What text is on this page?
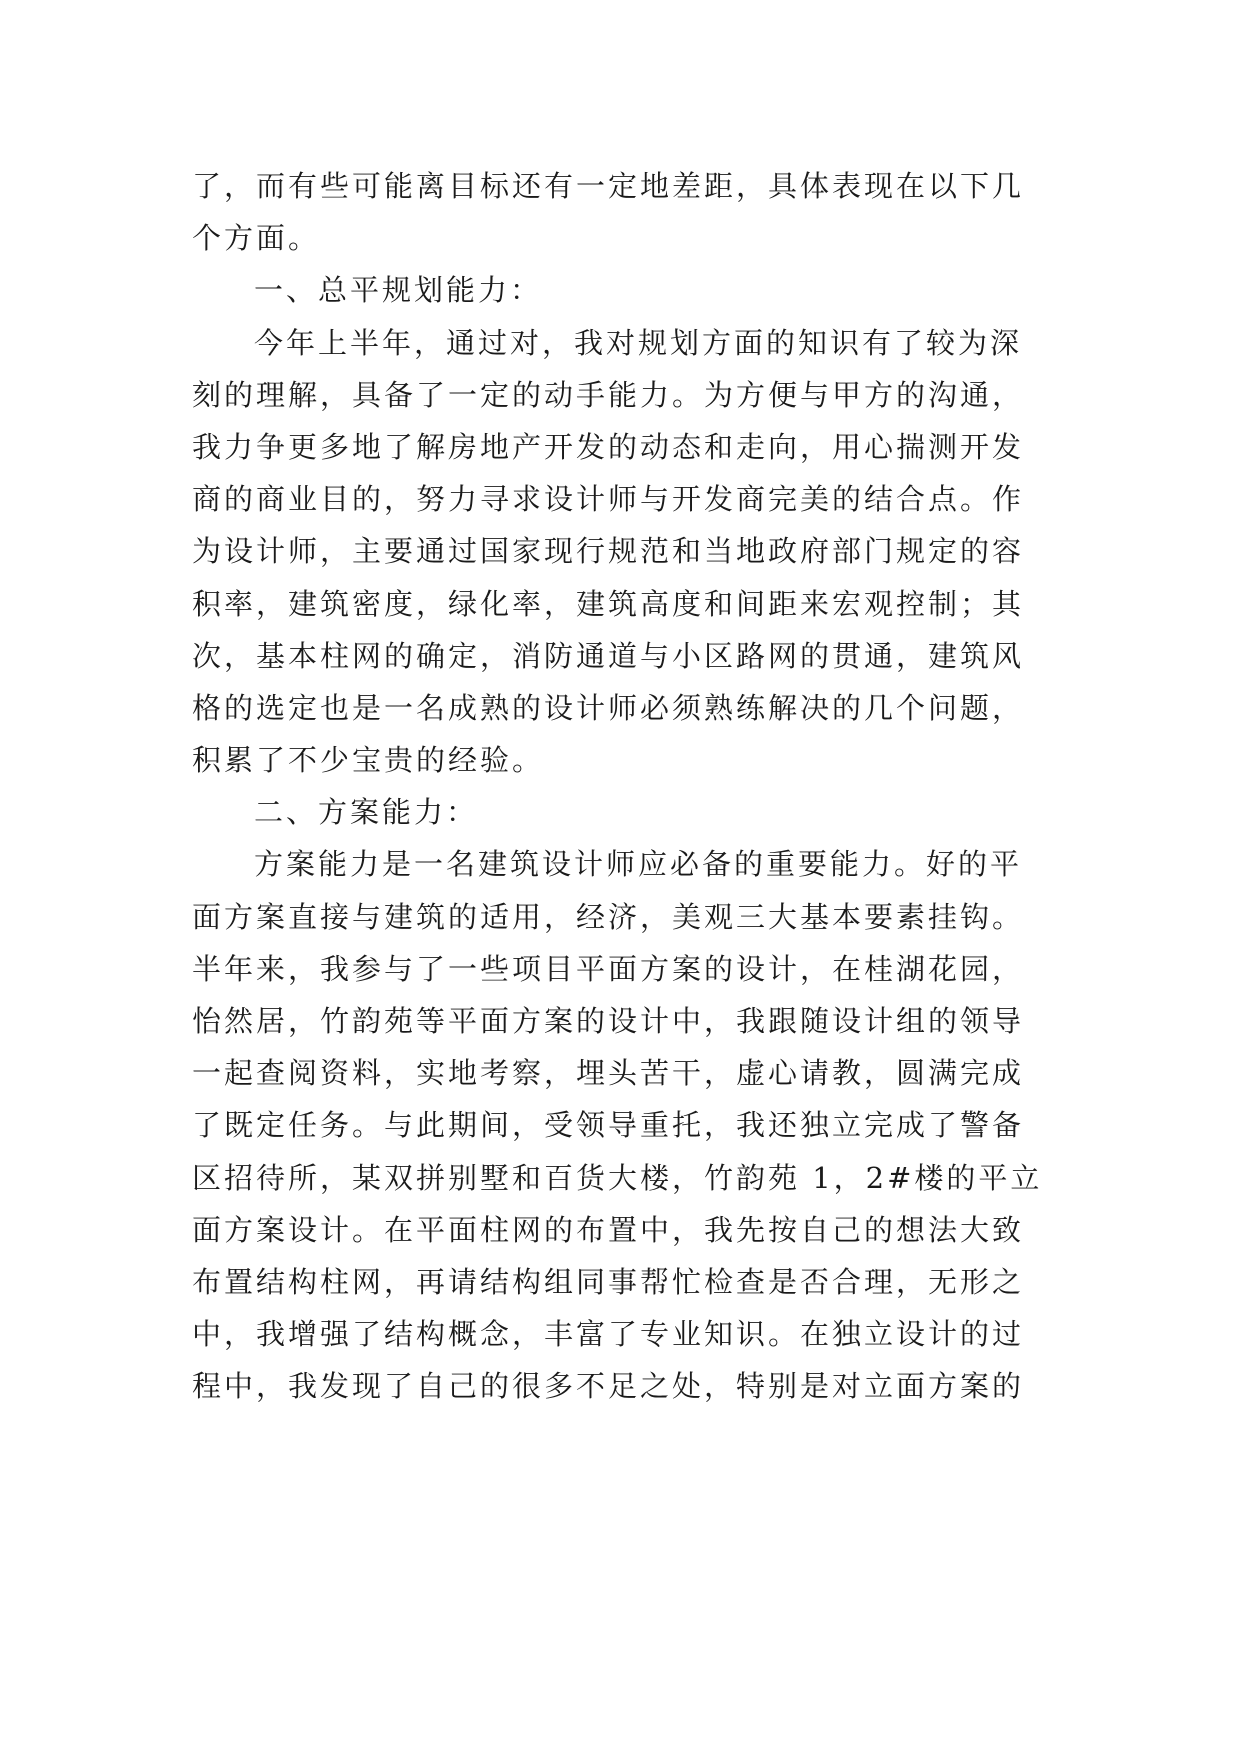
了，而有些可能离目标还有一定地差距，具体表现在以下几
个方面。
一、总平规划能力：
今年上半年，通过对，我对规划方面的知识有了较为深
刻的理解，具备了一定的动手能力。为方便与甲方的沟通，
我力争更多地了解房地产开发的动态和走向，用心揣测开发
商的商业目的，努力寻求设计师与开发商完美的结合点。作
为设计师，主要通过国家现行规范和当地政府部门规定的容
积率，建筑密度，绿化率，建筑高度和间距来宏观控制；其
次，基本柱网的确定，消防通道与小区路网的贯通，建筑风
格的选定也是一名成熟的设计师必须熟练解决的几个问题，
积累了不少宝贵的经验。
二、方案能力：
方案能力是一名建筑设计师应必备的重要能力。好的平
面方案直接与建筑的适用，经济，美观三大基本要素挂钩。
半年来，我参与了一些项目平面方案的设计，在桂湖花园，
怡然居，竹韵苑等平面方案的设计中，我跟随设计组的领导
一起查阅资料，实地考察，埋头苦干，虚心请教，圆满完成
了既定任务。与此期间，受领导重托，我还独立完成了警备
区招待所，某双拼别墅和百货大楼，竹韵苑 1，2#楼的平立
面方案设计。在平面柱网的布置中，我先按自己的想法大致
布置结构柱网，再请结构组同事帮忙检查是否合理，无形之
中，我增强了结构概念，丰富了专业知识。在独立设计的过
程中，我发现了自己的很多不足之处，特别是对立面方案的
